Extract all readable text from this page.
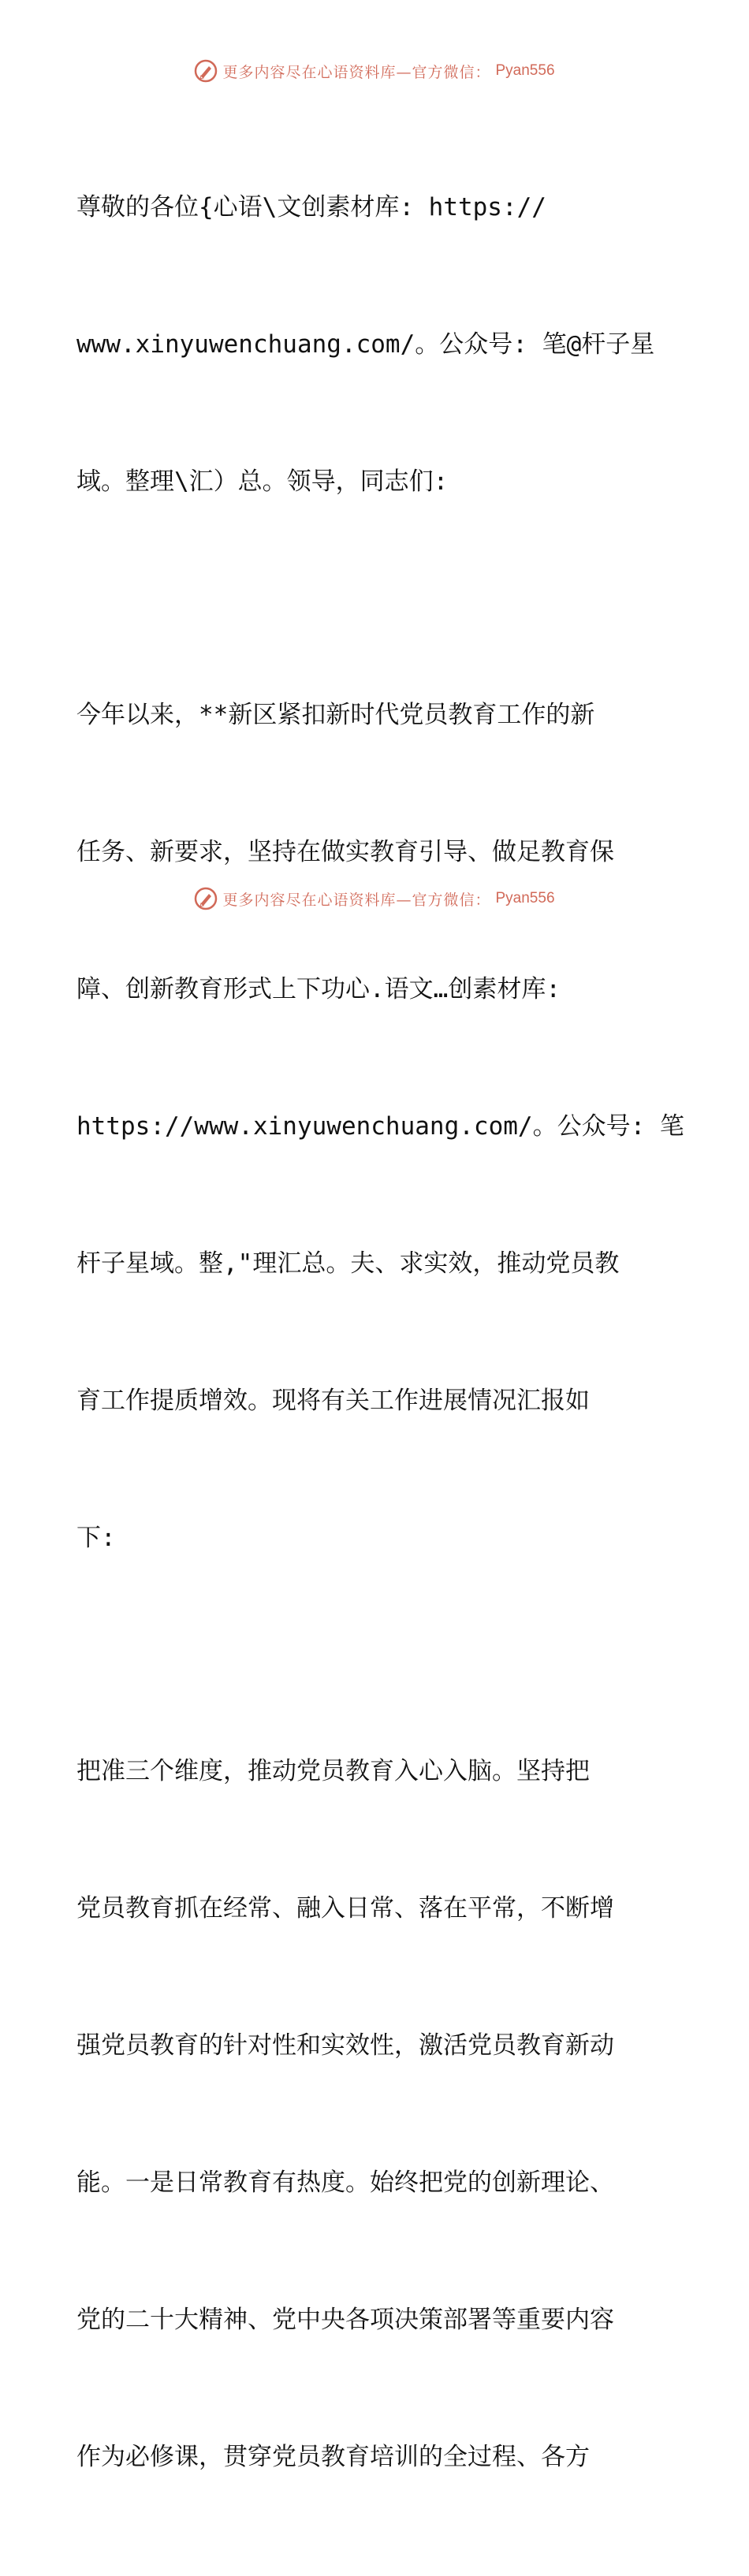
更多内容尽在心语资料库—官方微信： Pyan556

尊敬的各位{心语\文创素材库: https://

www.xinyuwenchuang.com/。公众号: 笔@杆子星

域。整理\汇）总。领导，同志们:

今年以来，**新区紧扣新时代党员教育工作的新

任务、新要求，坚持在做实教育引导、做足教育保

障、创新教育形式上下功心.语文…创素材库:

https://www.xinyuwenchuang.com/。公众号: 笔

杆子星域。整,"理汇总。夫、求实效，推动党员教

育工作提质增效。现将有关工作进展情况汇报如

下:

把准三个维度，推动党员教育入心入脑。坚持把

党员教育抓在经常、融入日常、落在平常，不断增

强党员教育的针对性和实效性，激活党员教育新动

能。一是日常教育有热度。始终把党的创新理论、

党的二十大精神、党中央各项决策部署等重要内容

作为必修课，贯穿党员教育培训的全过程、各方

更多内容尽在心语资料库—官方微信： Pyan556
